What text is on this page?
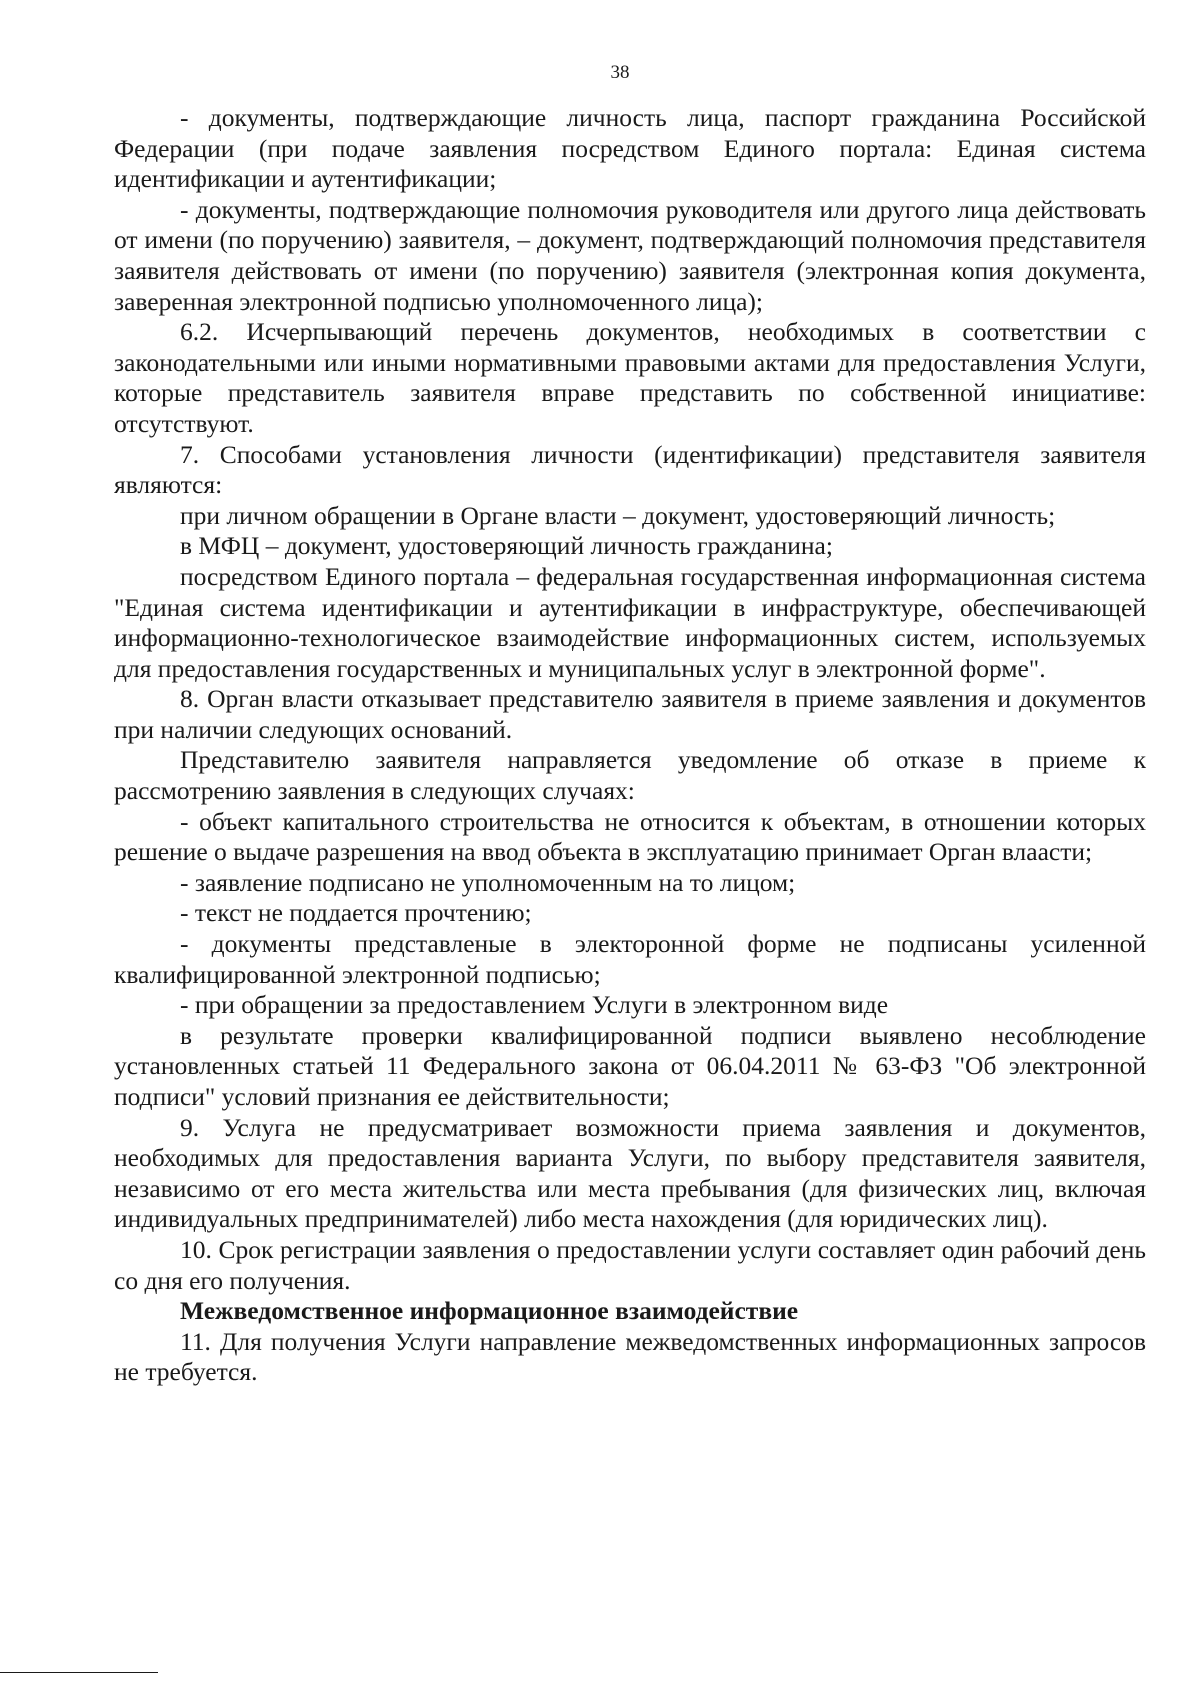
38

- документы, подтверждающие личность лица, паспорт гражданина Российской Федерации (при подаче заявления посредством Единого портала: Единая система идентификации и аутентификации;

- документы, подтверждающие полномочия руководителя или другого лица действовать от имени (по поручению) заявителя, – документ, подтверждающий полномочия представителя заявителя действовать от имени (по поручению) заявителя (электронная копия документа, заверенная электронной подписью уполномоченного лица);

6.2. Исчерпывающий перечень документов, необходимых в соответствии с законодательными или иными нормативными правовыми актами для предоставления Услуги, которые представитель заявителя вправе представить по собственной инициативе: отсутствуют.

7. Способами установления личности (идентификации) представителя заявителя являются:

при личном обращении в Органе власти – документ, удостоверяющий личность;

в МФЦ – документ, удостоверяющий личность гражданина;

посредством Единого портала – федеральная государственная информационная система "Единая система идентификации и аутентификации в инфраструктуре, обеспечивающей информационно-технологическое взаимодействие информационных систем, используемых для предоставления государственных и муниципальных услуг в электронной форме".

8. Орган власти отказывает представителю заявителя в приеме заявления и документов при наличии следующих оснований.

Представителю заявителя направляется уведомление об отказе в приеме к рассмотрению заявления в следующих случаях:

- объект капитального строительства не относится к объектам, в отношении которых решение о выдаче разрешения на ввод объекта в эксплуатацию принимает Орган влаасти;

- заявление подписано не уполномоченным на то лицом;

- текст не поддается прочтению;

- документы представленые в электоронной форме не подписаны усиленной квалифицированной электронной подписью;

- при обращении за предоставлением Услуги в электронном виде

в результате проверки квалифицированной подписи выявлено несоблюдение установленных статьей 11 Федерального закона от 06.04.2011 № 63-ФЗ "Об электронной подписи" условий признания ее действительности;

9. Услуга не предусматривает возможности приема заявления и документов, необходимых для предоставления варианта Услуги, по выбору представителя заявителя, независимо от его места жительства или места пребывания (для физических лиц, включая индивидуальных предпринимателей) либо места нахождения (для юридических лиц).

10. Срок регистрации заявления о предоставлении услуги составляет один рабочий день со дня его получения.

Межведомственное информационное взаимодействие

11. Для получения Услуги направление межведомственных информационных запросов не требуется.
